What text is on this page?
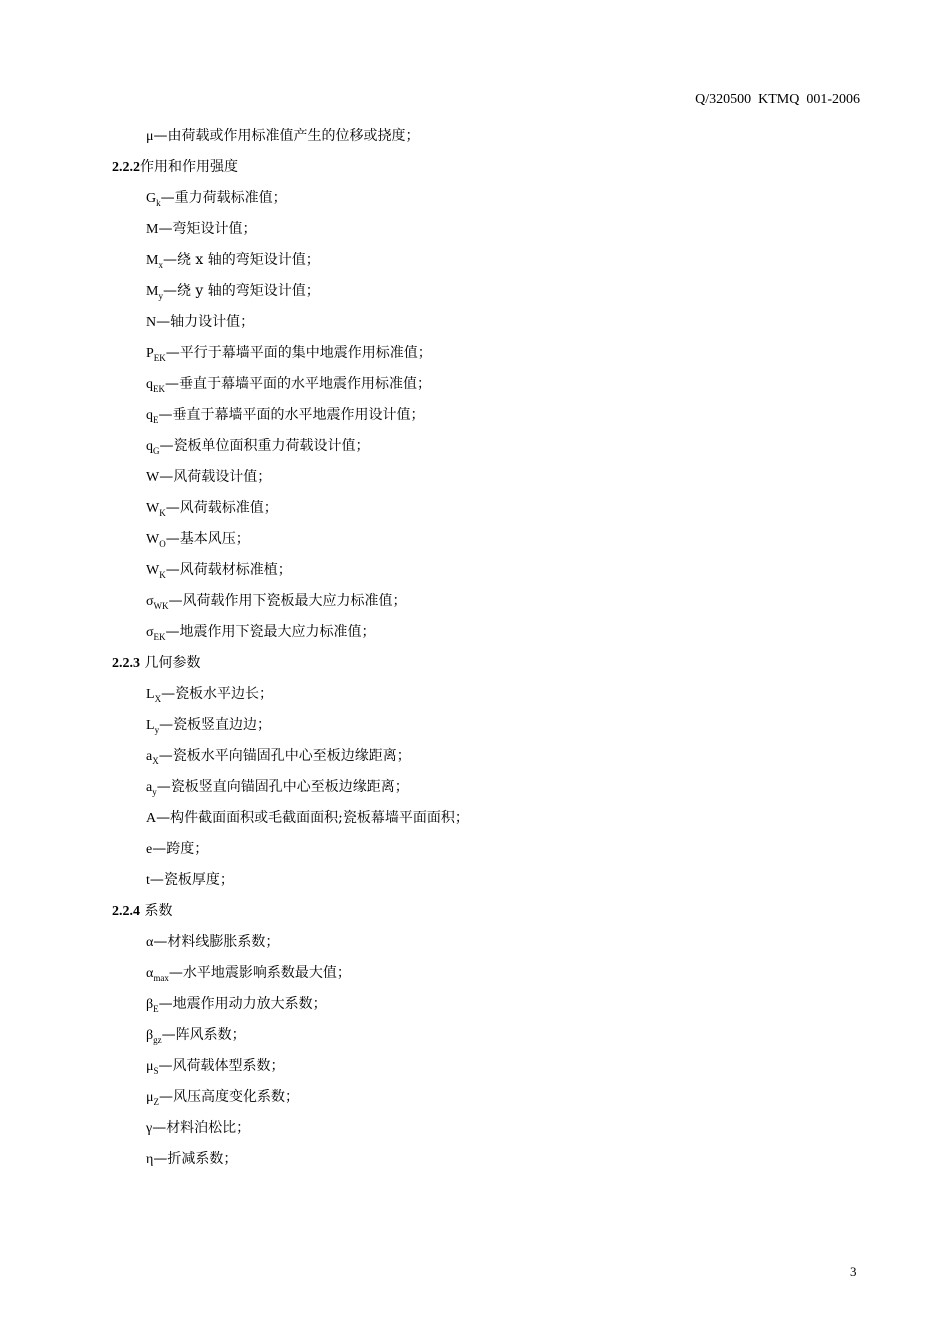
Q/320500  KTMQ  001-2006
μ—由荷载或作用标准值产生的位移或挠度；
2.2.2作用和作用强度
$G_k—$重力荷载标准值；
M—弯矩设计值；
$M_x—$绕 x 轴的弯矩设计值；
$M_y—$绕 y 轴的弯矩设计值；
N—轴力设计值；
$P_{EK}—$平行于幕墙平面的集中地震作用标准值；
$q_{EK}—$垂直于幕墙平面的水平地震作用标准值；
$q_E—$垂直于幕墙平面的水平地震作用设计值；
$q_G—$瓷板单位面积重力荷载设计值；
W—风荷载设计值；
$W_K—$风荷载标准值；
$W_O—$基本风压；
$W_K—$风荷载材标准植；
$\sigma_{WK}—$风荷载作用下瓷板最大应力标准值；
$\sigma_{EK}—$地震作用下瓷最大应力标准值；
2.2.3 几何参数
$L_X—$瓷板水平边长；
$L_y—$瓷板竖直边边；
$a_X—$瓷板水平向锚固孔中心至板边缘距离；
$a_y—$瓷板竖直向锚固孔中心至板边缘距离；
A—构件截面面积或毛截面面积;瓷板幕墙平面面积；
e—跨度；
t—瓷板厚度；
2.2.4 系数
α—材料线膨胀系数；
$\alpha_{max}—$水平地震影响系数最大值；
$\beta_E—$地震作用动力放大系数；
$\beta_{gz}—$阵风系数；
$\mu_S—$风荷载体型系数；
$\mu_Z—$风压高度变化系数；
γ—材料泊松比；
η—折减系数；
3
